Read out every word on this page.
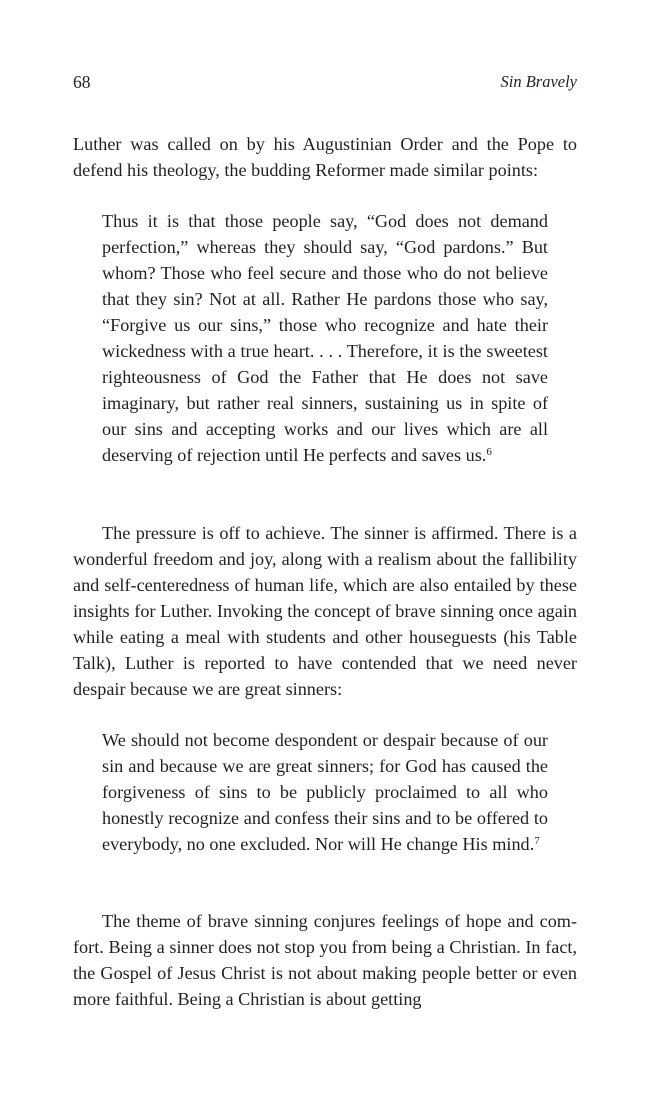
68	Sin Bravely

Luther was called on by his Augustinian Order and the Pope to defend his theology, the budding Reformer made similar points:

Thus it is that those people say, “God does not demand perfection,” whereas they should say, “God pardons.” But whom? Those who feel secure and those who do not believe that they sin? Not at all. Rather He pardons those who say, “Forgive us our sins,” those who recognize and hate their wickedness with a true heart. . . . Therefore, it is the sweetest righteousness of God the Father that He does not save imaginary, but rather real sinners, sustaining us in spite of our sins and accepting works and our lives which are all deserving of rejection until He perfects and saves us.$^6$

The pressure is off to achieve. The sinner is affirmed. There is a wonderful freedom and joy, along with a realism about the fallibility and self-centeredness of human life, which are also entailed by these insights for Luther. Invoking the concept of brave sinning once again while eating a meal with students and other houseguests (his Table Talk), Luther is reported to have contended that we need never despair because we are great sinners:

We should not become despondent or despair because of our sin and because we are great sinners; for God has caused the forgiveness of sins to be publicly proclaimed to all who honestly recognize and confess their sins and to be offered to everybody, no one excluded. Nor will He change His mind.$^7$

The theme of brave sinning conjures feelings of hope and comfort. Being a sinner does not stop you from being a Christian. In fact, the Gospel of Jesus Christ is not about making people better or even more faithful. Being a Christian is about getting
